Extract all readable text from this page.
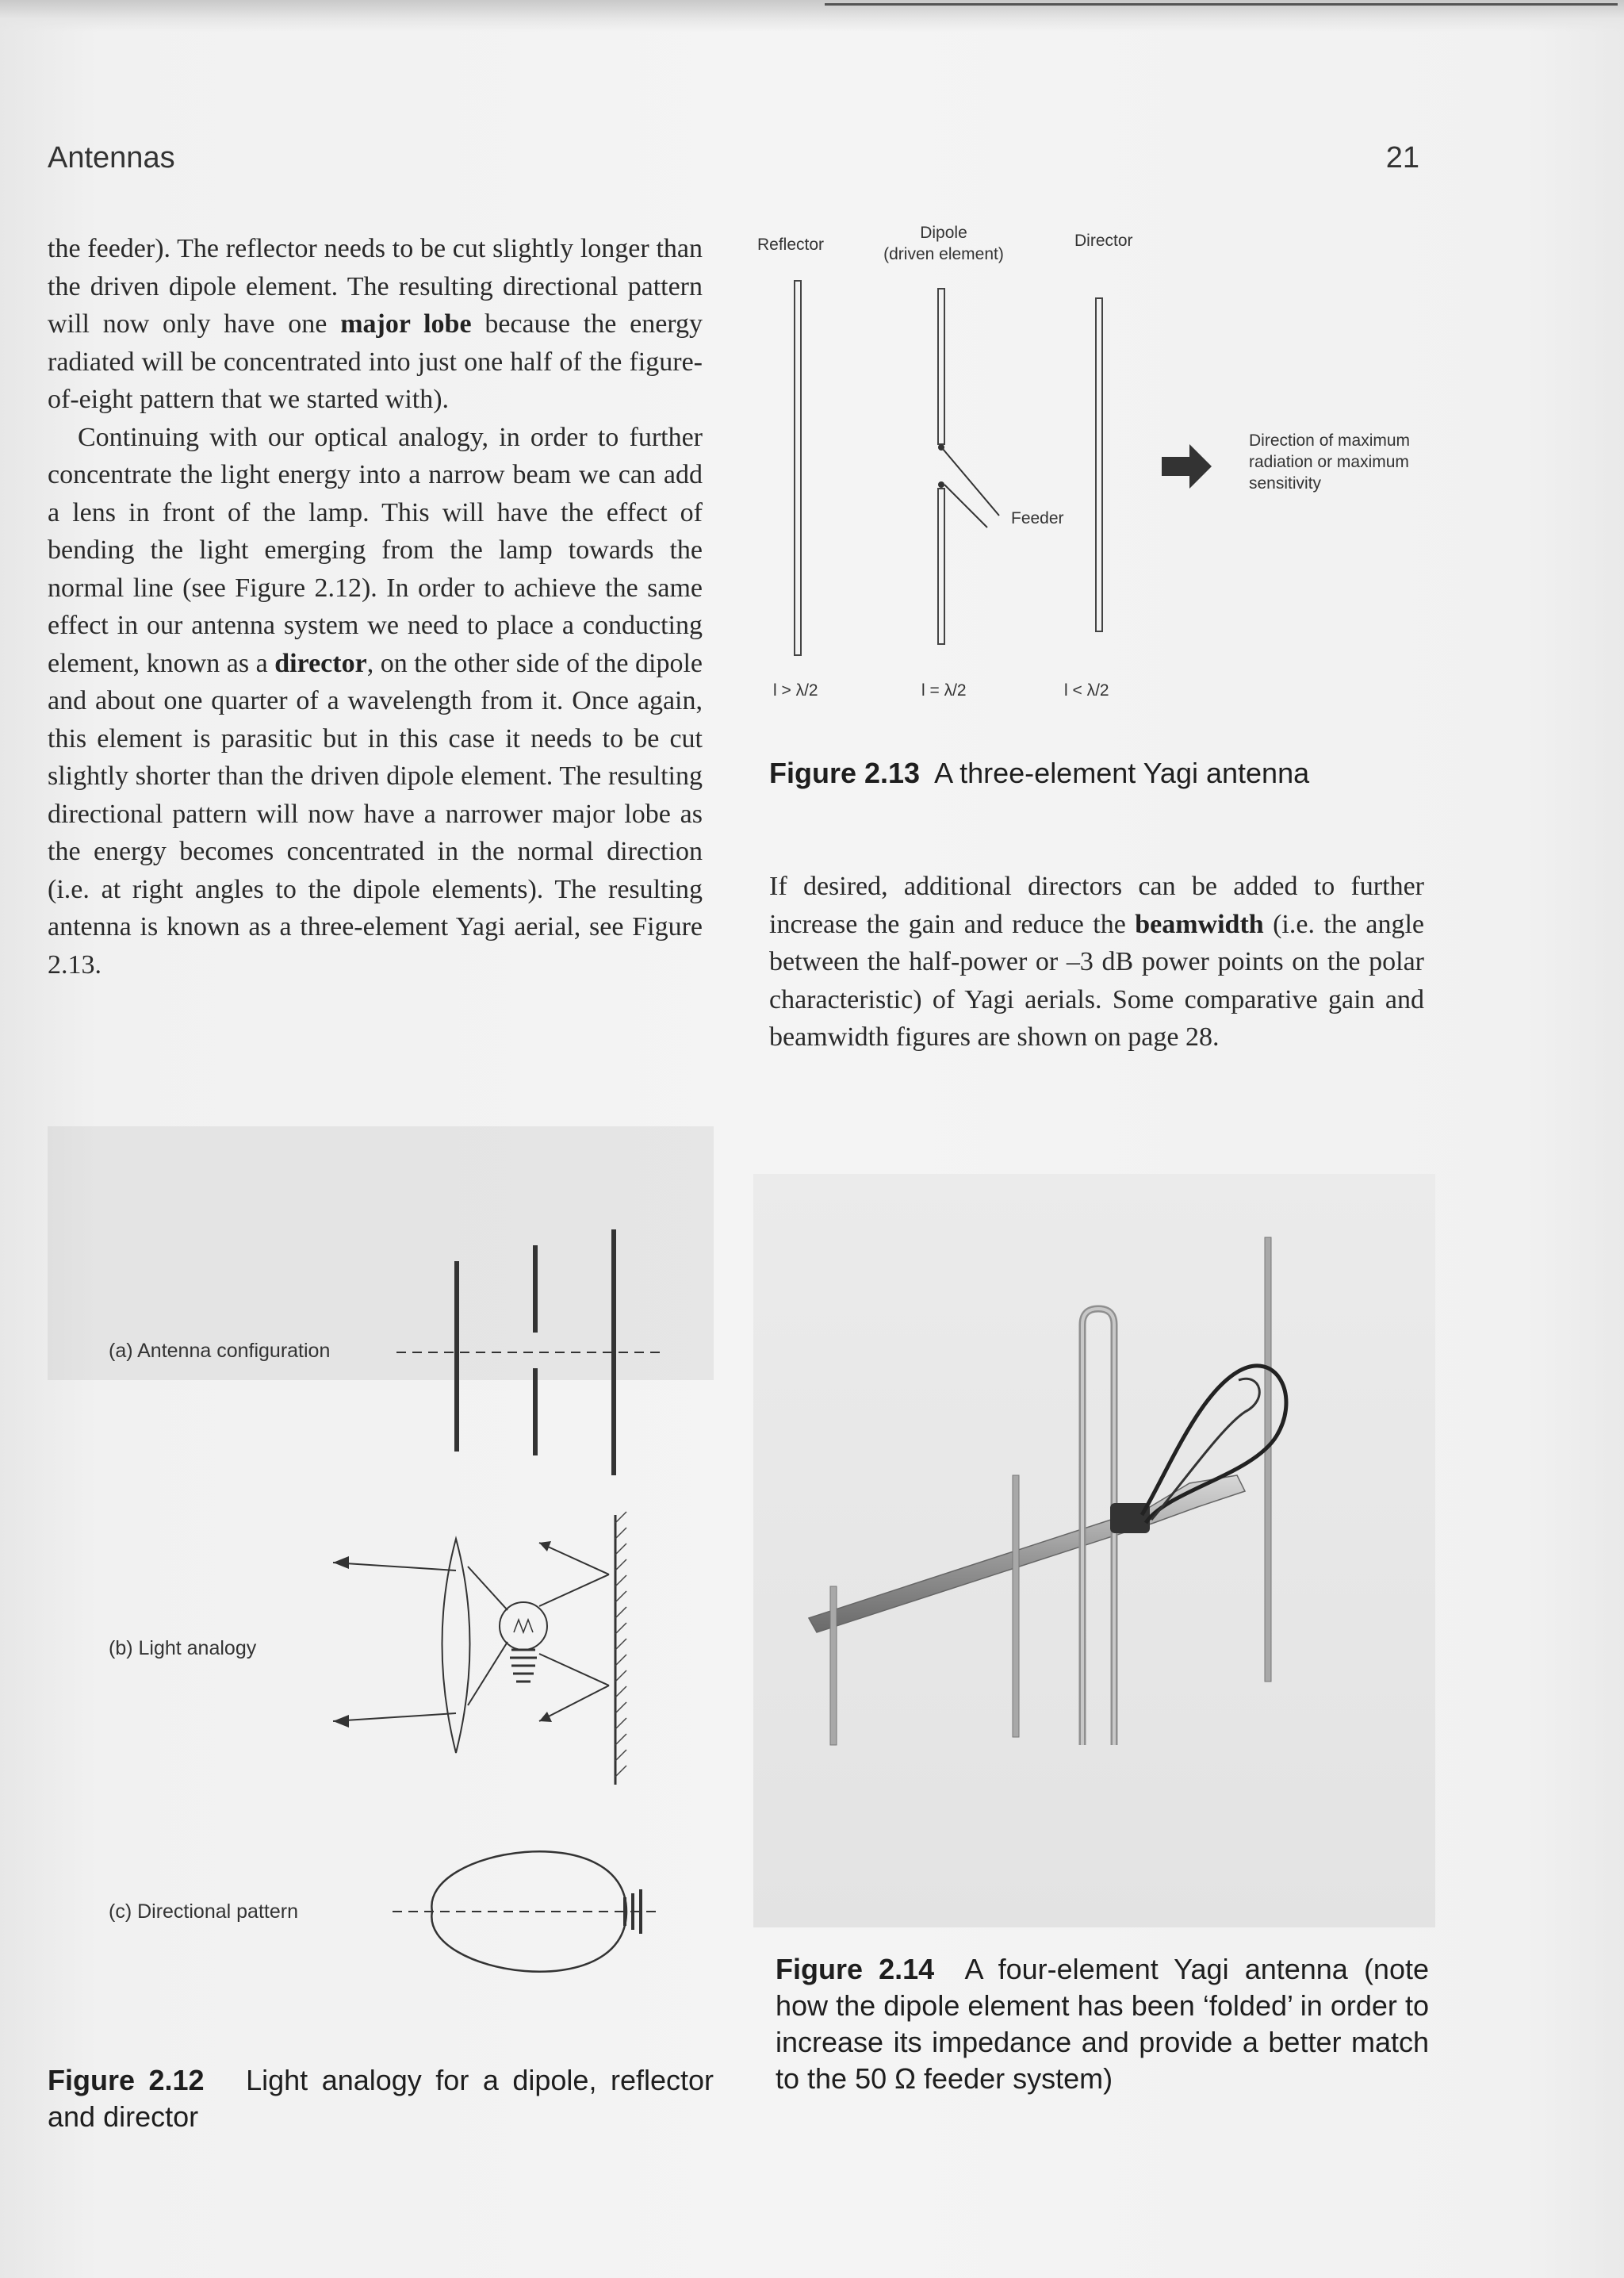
Antennas	21

the feeder). The reflector needs to be cut slightly longer than the driven dipole element. The resulting directional pattern will now only have one major lobe because the energy radiated will be concentrated into just one half of the figure-of-eight pattern that we started with).

Continuing with our optical analogy, in order to further concentrate the light energy into a narrow beam we can add a lens in front of the lamp. This will have the effect of bending the light emerging from the lamp towards the normal line (see Figure 2.12). In order to achieve the same effect in our antenna system we need to place a conducting element, known as a director, on the other side of the dipole and about one quarter of a wavelength from it. Once again, this element is parasitic but in this case it needs to be cut slightly shorter than the driven dipole element. The resulting directional pattern will now have a narrower major lobe as the energy becomes concentrated in the normal direction (i.e. at right angles to the dipole elements). The resulting antenna is known as a three-element Yagi aerial, see Figure 2.13.

Reflector
Dipole
(driven element)
Director
Feeder
Direction of maximum
radiation or maximum
sensitivity
l > λ/2	l = λ/2	l < λ/2
Figure 2.13  A three-element Yagi antenna

If desired, additional directors can be added to further increase the gain and reduce the beamwidth (i.e. the angle between the half-power or –3 dB power points on the polar characteristic) of Yagi aerials. Some comparative gain and beamwidth figures are shown on page 28.

(a) Antenna configuration
(b) Light analogy
(c) Directional pattern
Figure 2.12   Light analogy for a dipole, reflector and director
Figure 2.14  A four-element Yagi antenna (note how the dipole element has been ‘folded’ in order to increase its impedance and provide a better match to the 50 Ω feeder system)
